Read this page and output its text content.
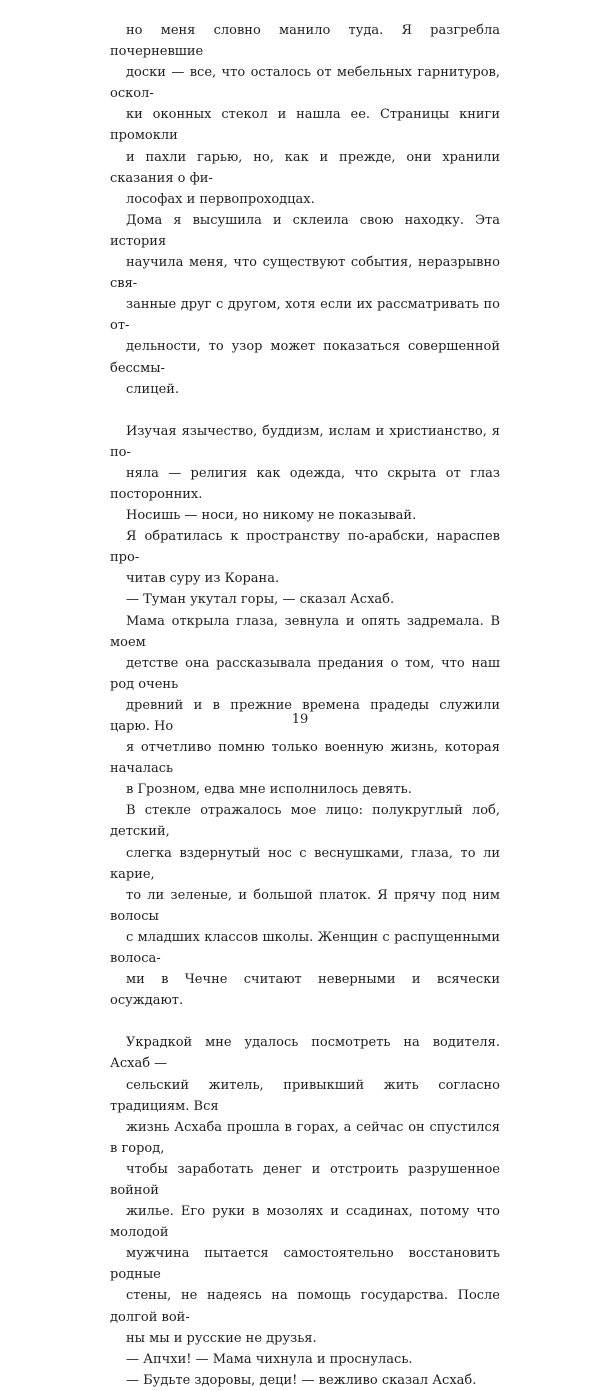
но меня словно манило туда. Я разгребла почерневшие
доски — все, что осталось от мебельных гарнитуров, оскол-
ки оконных стекол и нашла ее. Страницы книги промокли
и пахли гарью, но, как и прежде, они хранили сказания о фи-
лософах и первопроходцах.

Дома я высушила и склеила свою находку. Эта история
научила меня, что существуют события, неразрывно свя-
занные друг с другом, хотя если их рассматривать по от-
дельности, то узор может показаться совершенной бессмы-
слицей.

Изучая язычество, буддизм, ислам и христианство, я по-
няла — религия как одежда, что скрыта от глаз посторонних.
Носишь — носи, но никому не показывай.

Я обратилась к пространству по-арабски, нараспев про-
читав суру из Корана.

— Туман укутал горы, — сказал Асхаб.

Мама открыла глаза, зевнула и опять задремала. В моем
детстве она рассказывала предания о том, что наш род очень
древний и в прежние времена прадеды служили царю. Но
я отчетливо помню только военную жизнь, которая началась
в Грозном, едва мне исполнилось девять.

В стекле отражалось мое лицо: полукруглый лоб, детский,
слегка вздернутый нос с веснушками, глаза, то ли карие,
то ли зеленые, и большой платок. Я прячу под ним волосы
с младших классов школы. Женщин с распущенными волоса-
ми в Чечне считают неверными и всячески осуждают.

Украдкой мне удалось посмотреть на водителя. Асхаб —
сельский житель, привыкший жить согласно традициям. Вся
жизнь Асхаба прошла в горах, а сейчас он спустился в город,
чтобы заработать денег и отстроить разрушенное войной
жилье. Его руки в мозолях и ссадинах, потому что молодой
мужчина пытается самостоятельно восстановить родные
стены, не надеясь на помощь государства. После долгой вой-
ны мы и русские не друзья.

— Апчхи! — Мама чихнула и проснулась.

— Будьте здоровы, деци! — вежливо сказал Асхаб.

19
